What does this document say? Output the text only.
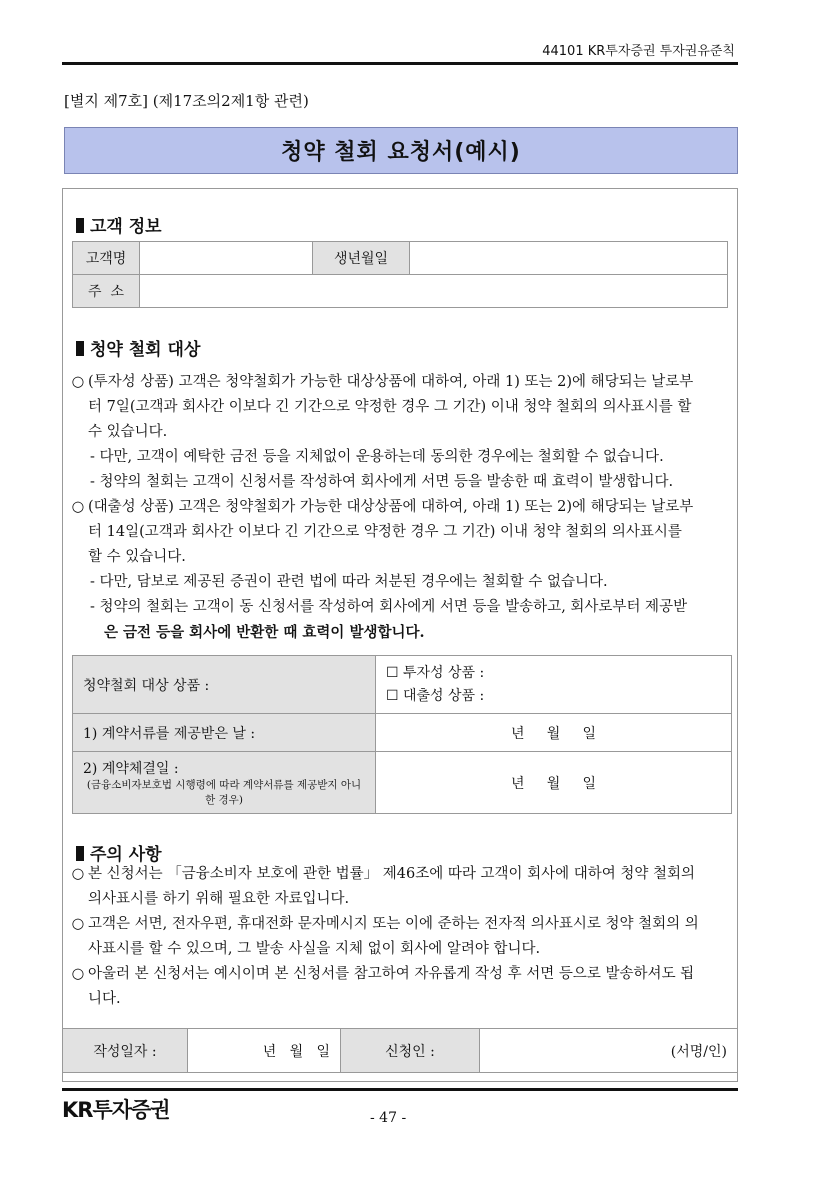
44101 KR투자증권 투자권유준칙
[별지 제7호] (제17조의2제1항 관련)
청약 철회 요청서(예시)
고객 정보
고객명		생년월일	
주  소			
청약 철회 대상
○ (투자성 상품) 고객은 청약철회가 가능한 대상상품에 대하여, 아래 1) 또는 2)에 해당되는 날로부
터 7일(고객과 회사간 이보다 긴 기간으로 약정한 경우 그 기간) 이내 청약 철회의 의사표시를 할
수 있습니다.
- 다만, 고객이 예탁한 금전 등을 지체없이 운용하는데 동의한 경우에는 철회할 수 없습니다.
- 청약의 철회는 고객이 신청서를 작성하여 회사에게 서면 등을 발송한 때 효력이 발생합니다.
○ (대출성 상품) 고객은 청약철회가 가능한 대상상품에 대하여, 아래 1) 또는 2)에 해당되는 날로부
터 14일(고객과 회사간 이보다 긴 기간으로 약정한 경우 그 기간) 이내 청약 철회의 의사표시를
할 수 있습니다.
- 다만, 담보로 제공된 증권이 관련 법에 따라 처분된 경우에는 철회할 수 없습니다.
- 청약의 철회는 고객이 동 신청서를 작성하여 회사에게 서면 등을 발송하고, 회사로부터 제공받
은 금전 등을 회사에 반환한 때 효력이 발생합니다.
청약철회 대상 상품 :	☐ 투자성 상품 :
☐ 대출성 상품 :

1) 계약서류를 제공받은 날 :	년     월     일

2) 계약체결일 :
(금융소비자보호법 시행령에 따라 계약서류를 제공받지 아니한 경우)	년     월     일
주의 사항
○ 본 신청서는 「금융소비자 보호에 관한 법률」 제46조에 따라 고객이 회사에 대하여 청약 철회의
의사표시를 하기 위해 필요한 자료입니다.
○ 고객은 서면, 전자우편, 휴대전화 문자메시지 또는 이에 준하는 전자적 의사표시로 청약 철회의 의
사표시를 할 수 있으며, 그 발송 사실을 지체 없이 회사에 알려야 합니다.
○ 아울러 본 신청서는 예시이며 본 신청서를 참고하여 자유롭게 작성 후 서면 등으로 발송하셔도 됩
니다.
작성일자 :	년   월   일	신청인 :	(서명/인)
KR투자증권	- 47 -
